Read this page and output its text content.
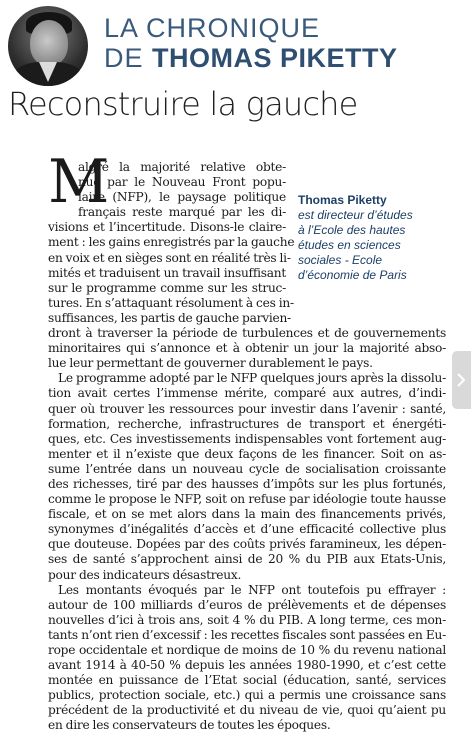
LA CHRONIQUE
DE THOMAS PIKETTY
Reconstruire la gauche
M	Thomas Piketty
est directeur d’études à l’Ecole des hautes études en sciences sociales - Ecole d’économie de Paris
algré la majorité relative obte-
nue par le Nouveau Front popu-
laire (NFP), le paysage politique
français reste marqué par les di-
visions et l’incertitude. Disons-le claire-
ment : les gains enregistrés par la gauche
en voix et en sièges sont en réalité très li-
mités et traduisent un travail insuffisant
sur le programme comme sur les struc-
tures. En s’attaquant résolument à ces in-
suffisances, les partis de gauche parvien-
dront à traverser la période de turbulences et de gouvernements
minoritaires qui s’annonce et à obtenir un jour la majorité abso-
lue leur permettant de gouverner durablement le pays.
Le programme adopté par le NFP quelques jours après la dissolu-
tion avait certes l’immense mérite, comparé aux autres, d’indi-
quer où trouver les ressources pour investir dans l’avenir : santé,
formation, recherche, infrastructures de transport et énergéti-
ques, etc. Ces investissements indispensables vont fortement aug-
menter et il n’existe que deux façons de les financer. Soit on as-
sume l’entrée dans un nouveau cycle de socialisation croissante
des richesses, tiré par des hausses d’impôts sur les plus fortunés,
comme le propose le NFP, soit on refuse par idéologie toute hausse
fiscale, et on se met alors dans la main des financements privés,
synonymes d’inégalités d’accès et d’une efficacité collective plus
que douteuse. Dopées par des coûts privés faramineux, les dépen-
ses de santé s’approchent ainsi de 20 % du PIB aux Etats-Unis,
pour des indicateurs désastreux.
Les montants évoqués par le NFP ont toutefois pu effrayer :
autour de 100 milliards d’euros de prélèvements et de dépenses
nouvelles d’ici à trois ans, soit 4 % du PIB. A long terme, ces mon-
tants n’ont rien d’excessif : les recettes fiscales sont passées en Eu-
rope occidentale et nordique de moins de 10 % du revenu national
avant 1914 à 40-50 % depuis les années 1980-1990, et c’est cette
montée en puissance de l’Etat social (éducation, santé, services
publics, protection sociale, etc.) qui a permis une croissance sans
précédent de la productivité et du niveau de vie, quoi qu’aient pu
en dire les conservateurs de toutes les époques.
